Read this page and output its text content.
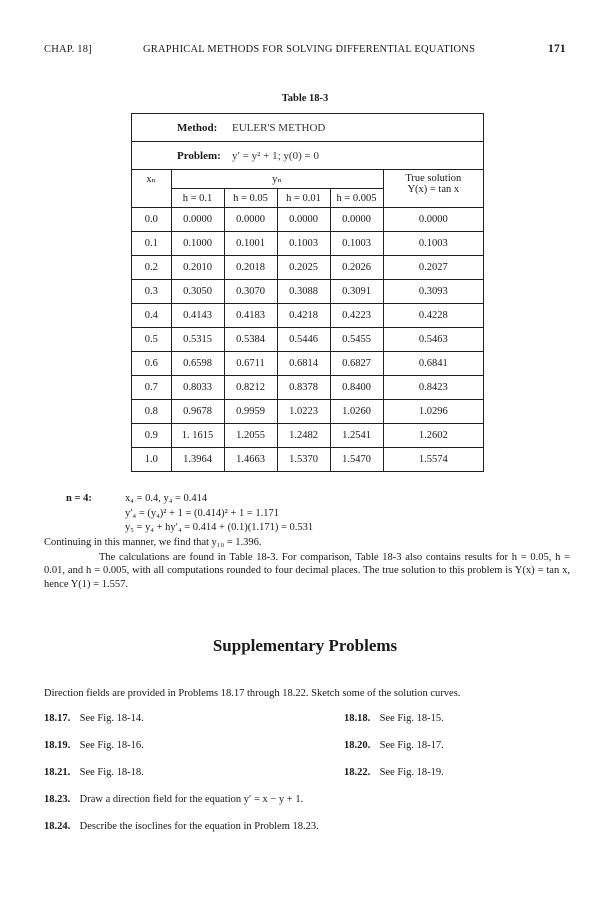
CHAP. 18]	GRAPHICAL METHODS FOR SOLVING DIFFERENTIAL EQUATIONS	171
Table 18-3
Method:	EULER'S METHOD
Problem:	y′ = y² + 1; y(0) = 0
xₙ	yₙ				True solution
Y(x) = tan x

	h = 0.1	h = 0.05	h = 0.01	h = 0.005	
0.0	0.0000	0.0000	0.0000	0.0000	0.0000
0.1	0.1000	0.1001	0.1003	0.1003	0.1003
0.2	0.2010	0.2018	0.2025	0.2026	0.2027
0.3	0.3050	0.3070	0.3088	0.3091	0.3093
0.4	0.4143	0.4183	0.4218	0.4223	0.4228
0.5	0.5315	0.5384	0.5446	0.5455	0.5463
0.6	0.6598	0.6711	0.6814	0.6827	0.6841
0.7	0.8033	0.8212	0.8378	0.8400	0.8423
0.8	0.9678	0.9959	1.0223	1.0260	1.0296
0.9	1. 1615	1.2055	1.2482	1.2541	1.2602
1.0	1.3964	1.4663	1.5370	1.5470	1.5574
n = 4:	x₄ = 0.4, y₄ = 0.414
y′₄ = (y₄)² + 1 = (0.414)² + 1 = 1.171
y₅ = y₄ + hy′₄ = 0.414 + (0.1)(1.171) = 0.531
Continuing in this manner, we find that y₁₀ = 1.396.
The calculations are found in Table 18-3. For comparison, Table 18-3 also contains results for h = 0.05, h = 0.01, and h = 0.005, with all computations rounded to four decimal places. The true solution to this problem is Y(x) = tan x, hence Y(1) = 1.557.
Supplementary Problems
Direction fields are provided in Problems 18.17 through 18.22. Sketch some of the solution curves.
18.17. See Fig. 18-14.	18.18. See Fig. 18-15.
18.19. See Fig. 18-16.	18.20. See Fig. 18-17.
18.21. See Fig. 18-18.	18.22. See Fig. 18-19.
18.23. Draw a direction field for the equation y′ = x − y + 1.
18.24. Describe the isoclines for the equation in Problem 18.23.
